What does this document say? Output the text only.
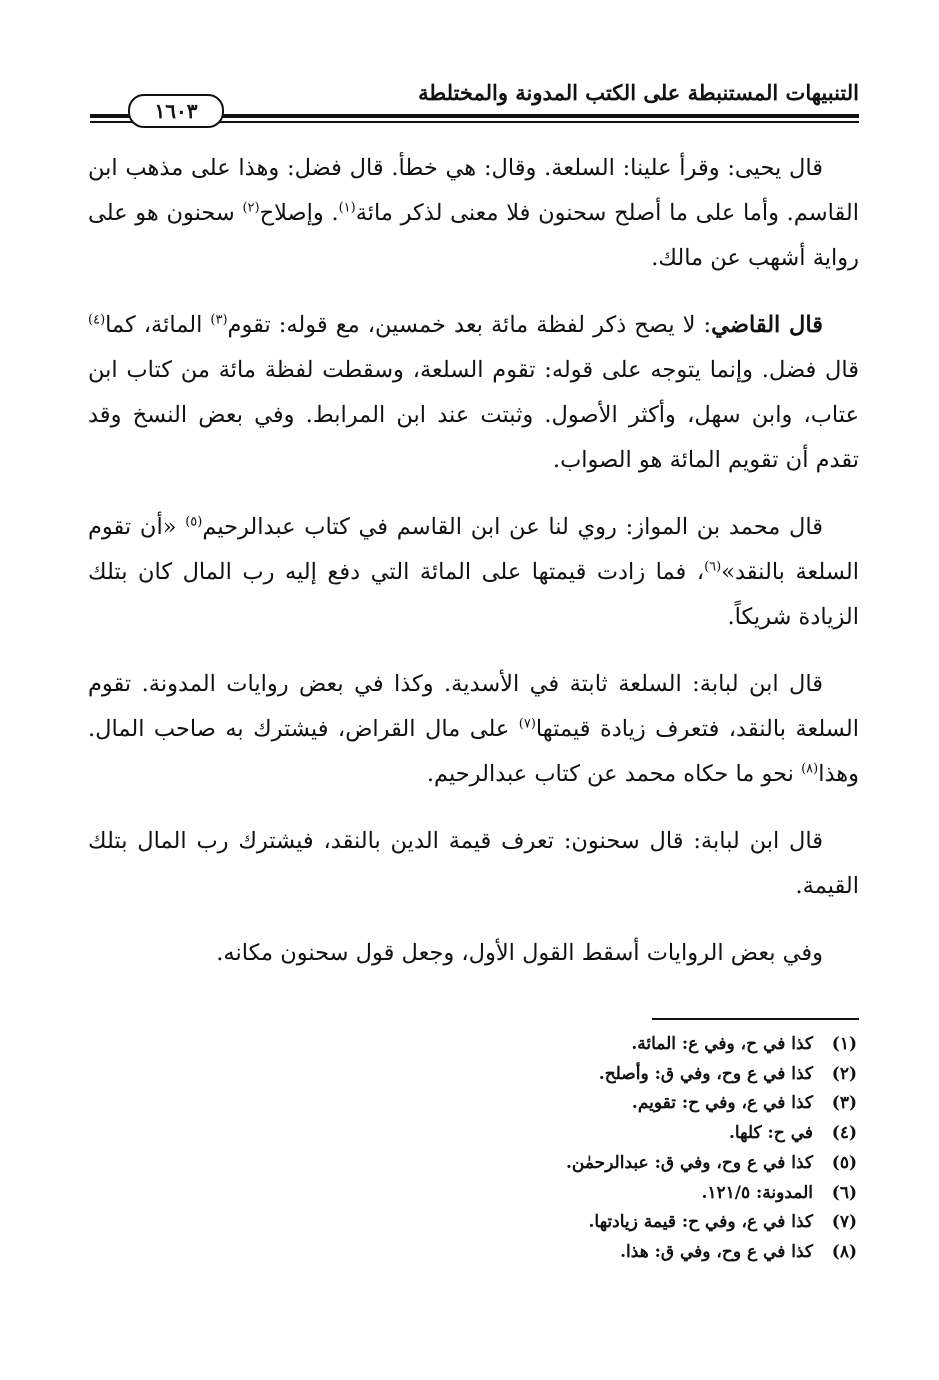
التنبيهات المستنبطة على الكتب المدونة والمختلطة
١٦٠٣

قال يحيى: وقرأ علينا: السلعة. وقال: هي خطأ. قال فضل: وهذا على مذهب ابن القاسم. وأما على ما أصلح سحنون فلا معنى لذكر مائة$^{(١)}$. وإصلاح$^{(٢)}$ سحنون هو على رواية أشهب عن مالك.

قال القاضي: لا يصح ذكر لفظة مائة بعد خمسين، مع قوله: تقوم$^{(٣)}$ المائة، كما$^{(٤)}$ قال فضل. وإنما يتوجه على قوله: تقوم السلعة، وسقطت لفظة مائة من كتاب ابن عتاب، وابن سهل، وأكثر الأصول. وثبتت عند ابن المرابط. وفي بعض النسخ وقد تقدم أن تقويم المائة هو الصواب.

قال محمد بن المواز: روي لنا عن ابن القاسم في كتاب عبدالرحيم$^{(٥)}$ «أن تقوم السلعة بالنقد»$^{(٦)}$، فما زادت قيمتها على المائة التي دفع إليه رب المال كان بتلك الزيادة شريكاً.

قال ابن لبابة: السلعة ثابتة في الأسدية. وكذا في بعض روايات المدونة. تقوم السلعة بالنقد، فتعرف زيادة قيمتها$^{(٧)}$ على مال القراض، فيشترك به صاحب المال. وهذا$^{(٨)}$ نحو ما حكاه محمد عن كتاب عبدالرحيم.

قال ابن لبابة: قال سحنون: تعرف قيمة الدين بالنقد، فيشترك رب المال بتلك القيمة.

وفي بعض الروايات أسقط القول الأول، وجعل قول سحنون مكانه.

(١)
كذا في ح، وفي ع: المائة.
(٢)
كذا في ع وح، وفي ق: وأصلح.
(٣)
كذا في ع، وفي ح: تقويم.
(٤)
في ح: كلها.
(٥)
كذا في ع وح، وفي ق: عبدالرحمٰن.
(٦)
المدونة: ١٢١/٥.
(٧)
كذا في ع، وفي ح: قيمة زيادتها.
(٨)
كذا في ع وح، وفي ق: هذا.
